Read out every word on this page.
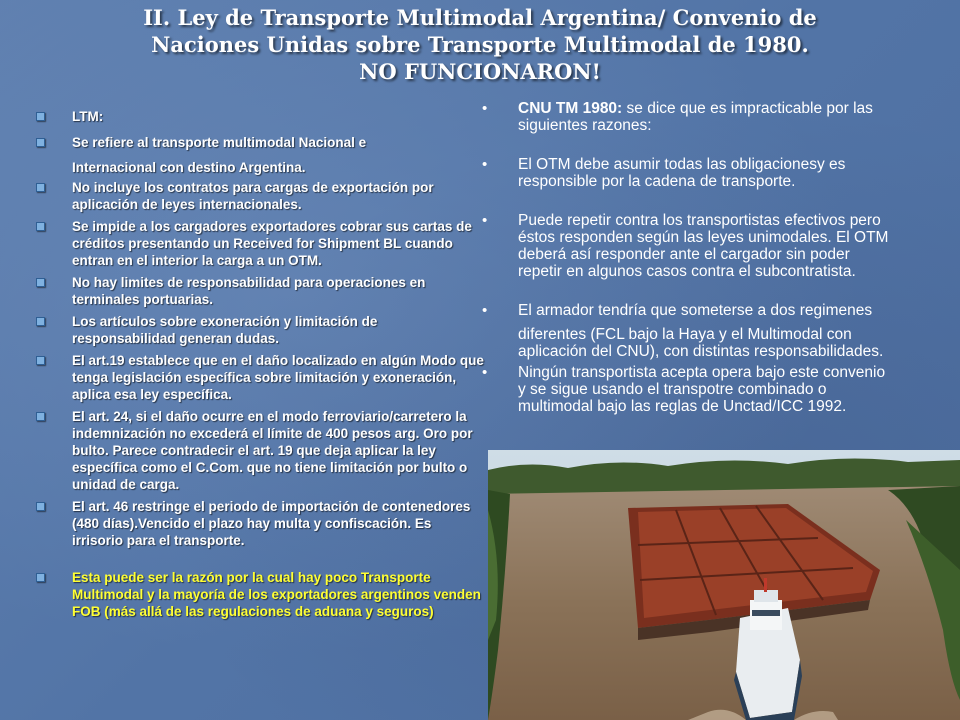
II. Ley de Transporte Multimodal Argentina/ Convenio de
Naciones Unidas sobre Transporte Multimodal de 1980.
NO FUNCIONARON!
LTM:
Se refiere al transporte multimodal Nacional e
Internacional con destino Argentina.
No incluye los contratos para cargas de exportación por aplicación de leyes internacionales.
Se impide a los cargadores exportadores cobrar sus cartas de créditos presentando un Received for Shipment BL cuando entran en el interior la carga a un OTM.
No hay limites de responsabilidad para operaciones en terminales portuarias.
Los artículos sobre exoneración y limitación de responsabilidad generan dudas.
El art.19 establece que en el daño localizado en algún Modo que tenga legislación específica sobre limitación y exoneración, aplica esa ley específica.
El art. 24, si el daño ocurre en el modo ferroviario/carretero la indemnización no excederá el límite de 400 pesos arg. Oro por bulto. Parece contradecir el art. 19 que deja aplicar la ley específica como el C.Com. que no tiene limitación por bulto o unidad de carga.
El art. 46 restringe el periodo de importación de contenedores (480 días).Vencido el plazo hay multa y confiscación. Es irrisorio para el transporte.
Esta puede ser la razón por la cual hay poco Transporte Multimodal y la mayoría de los exportadores argentinos venden FOB (más allá de las regulaciones de aduana y seguros)
• CNU TM 1980: se dice que es impracticable por las
siguientes razones:
• El OTM debe asumir todas las obligacionesy es
responsible por la cadena de transporte.
• Puede repetir contra los transportistas efectivos pero
éstos responden según las leyes unimodales. El OTM
deberá así responder ante el cargador sin poder
repetir en algunos casos contra el subcontratista.
• El armador tendría que someterse a dos regimenes
diferentes (FCL bajo la Haya y el Multimodal con
aplicación del CNU), con distintas responsabilidades.
• Ningún transportista acepta opera bajo este convenio
y se sigue usando el transpotre combinado o
multimodal bajo las reglas de Unctad/ICC 1992.
